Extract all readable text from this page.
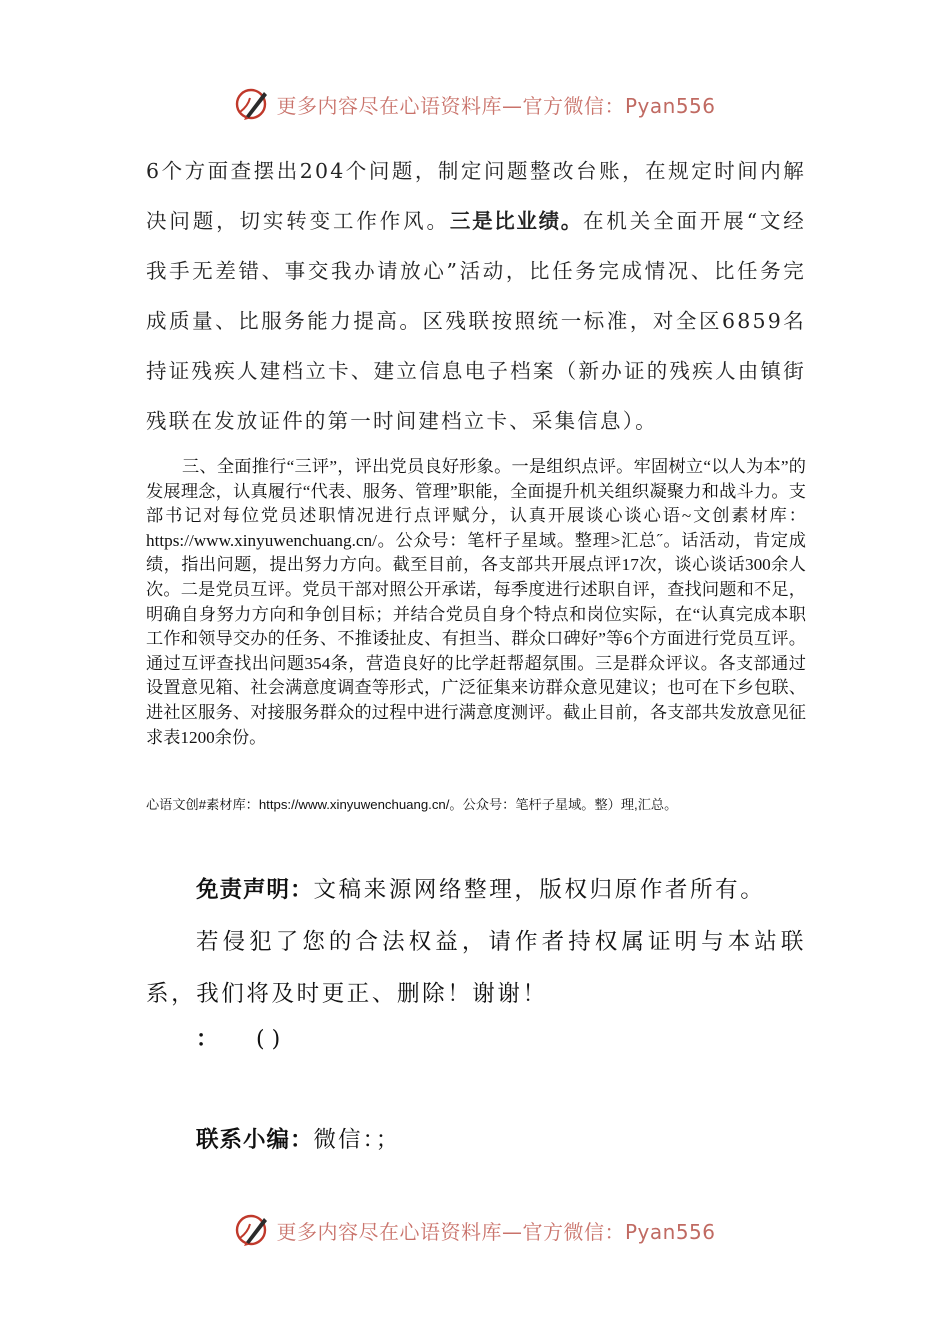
更多内容尽在心语资料库—官方微信：Pyan556
6个方面查摆出204个问题，制定问题整改台账，在规定时间内解决问题，切实转变工作作风。三是比业绩。在机关全面开展“文经我手无差错、事交我办请放心”活动，比任务完成情况、比任务完成质量、比服务能力提高。区残联按照统一标准，对全区6859名持证残疾人建档立卡、建立信息电子档案（新办证的残疾人由镇街残联在发放证件的第一时间建档立卡、采集信息）。
三、全面推行“三评”，评出党员良好形象。一是组织点评。牢固树立“以人为本”的发展理念，认真履行“代表、服务、管理”职能，全面提升机关组织凝聚力和战斗力。支部书记对每位党员述职情况进行点评赋分，认真开展谈心谈心语~文创素材库：https://www.xinyuwenchuang.cn/。公众号：笔杆子星域。整理>汇总˝。话活动，肯定成绩，指出问题，提出努力方向。截至目前，各支部共开展点评17次，谈心谈话300余人次。二是党员互评。党员干部对照公开承诺，每季度进行述职自评，查找问题和不足，明确自身努力方向和争创目标；并结合党员自身个特点和岗位实际，在“认真完成本职工作和领导交办的任务、不推诿扯皮、有担当、群众口碑好”等6个方面进行党员互评。通过互评查找出问题354条，营造良好的比学赶帮超氛围。三是群众评议。各支部通过设置意见箱、社会满意度调查等形式，广泛征集来访群众意见建议；也可在下乡包联、进社区服务、对接服务群众的过程中进行满意度测评。截止目前，各支部共发放意见征求表1200余份。
心语文创#素材库：https://www.xinyuwenchuang.cn/。公众号：笔杆子星域。整）理,汇总。
免责声明：文稿来源网络整理，版权归原作者所有。
若侵犯了您的合法权益，请作者持权属证明与本站联系，我们将及时更正、删除！谢谢！
： ( )
联系小编：微信：；
更多内容尽在心语资料库—官方微信：Pyan556
